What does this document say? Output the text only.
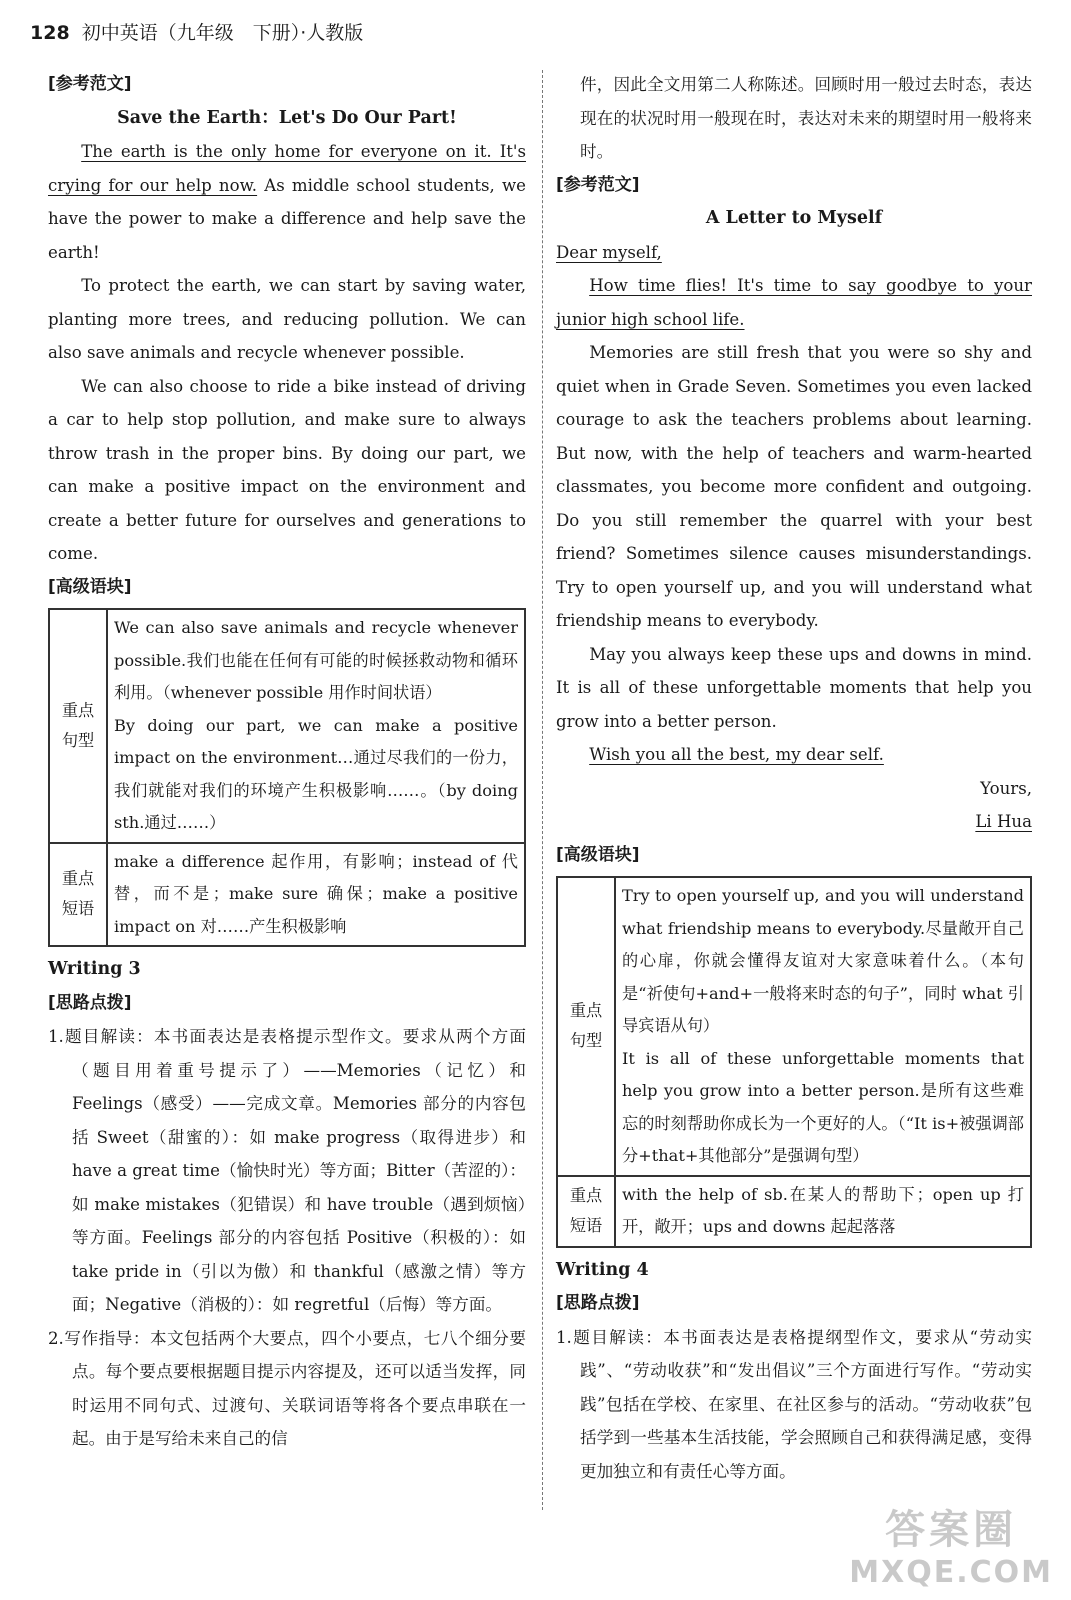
128 初中英语（九年级　下册）·人教版

[参考范文]

Save the Earth：Let's Do Our Part!

The earth is the only home for everyone on it. It's crying for our help now. As middle school students, we have the power to make a difference and help save the earth!

To protect the earth, we can start by saving water, planting more trees, and reducing pollution. We can also save animals and recycle whenever possible.

We can also choose to ride a bike instead of driving a car to help stop pollution, and make sure to always throw trash in the proper bins. By doing our part, we can make a positive impact on the environment and create a better future for ourselves and generations to come.

[高级语块]

重点句型	We can also save animals and recycle whenever possible.我们也能在任何有可能的时候拯救动物和循环利用。（whenever possible 用作时间状语）
By doing our part, we can make a positive impact on the environment…通过尽我们的一份力，我们就能对我们的环境产生积极影响……。（by doing sth.通过……）

重点短语	make a difference 起作用，有影响；instead of 代替，而不是；make sure 确保；make a positive impact on 对……产生积极影响

Writing 3

[思路点拨]

1.题目解读：本书面表达是表格提示型作文。要求从两个方面（题目用着重号提示了）——Memories（记忆）和 Feelings（感受）——完成文章。Memories 部分的内容包括 Sweet（甜蜜的）：如 make progress（取得进步）和 have a great time（愉快时光）等方面；Bitter（苦涩的）：如 make mistakes（犯错误）和 have trouble（遇到烦恼）等方面。Feelings 部分的内容包括 Positive（积极的）：如 take pride in（引以为傲）和 thankful（感激之情）等方面；Negative（消极的）：如 regretful（后悔）等方面。

2.写作指导：本文包括两个大要点，四个小要点，七八个细分要点。每个要点要根据题目提示内容提及，还可以适当发挥，同时运用不同句式、过渡句、关联词语等将各个要点串联在一起。由于是写给未来自己的信

件，因此全文用第二人称陈述。回顾时用一般过去时态，表达现在的状况时用一般现在时，表达对未来的期望时用一般将来时。

[参考范文]

A Letter to Myself

Dear myself,

How time flies! It's time to say goodbye to your junior high school life.

Memories are still fresh that you were so shy and quiet when in Grade Seven. Sometimes you even lacked courage to ask the teachers problems about learning. But now, with the help of teachers and warm-hearted classmates, you become more confident and outgoing. Do you still remember the quarrel with your best friend? Sometimes silence causes misunderstandings. Try to open yourself up, and you will understand what friendship means to everybody.

May you always keep these ups and downs in mind. It is all of these unforgettable moments that help you grow into a better person.

Wish you all the best, my dear self.

Yours,

Li Hua

[高级语块]

重点句型	Try to open yourself up, and you will understand what friendship means to everybody.尽量敞开自己的心扉，你就会懂得友谊对大家意味着什么。（本句是“祈使句+and+一般将来时态的句子”，同时 what 引导宾语从句）
It is all of these unforgettable moments that help you grow into a better person.是所有这些难忘的时刻帮助你成长为一个更好的人。（“It is+被强调部分+that+其他部分”是强调句型）

重点短语	with the help of sb.在某人的帮助下；open up 打开，敞开；ups and downs 起起落落

Writing 4

[思路点拨]

1.题目解读：本书面表达是表格提纲型作文，要求从“劳动实践”、“劳动收获”和“发出倡议”三个方面进行写作。“劳动实践”包括在学校、在家里、在社区参与的活动。“劳动收获”包括学到一些基本生活技能，学会照顾自己和获得满足感，变得更加独立和有责任心等方面。

答案圈
MXQE.COM
